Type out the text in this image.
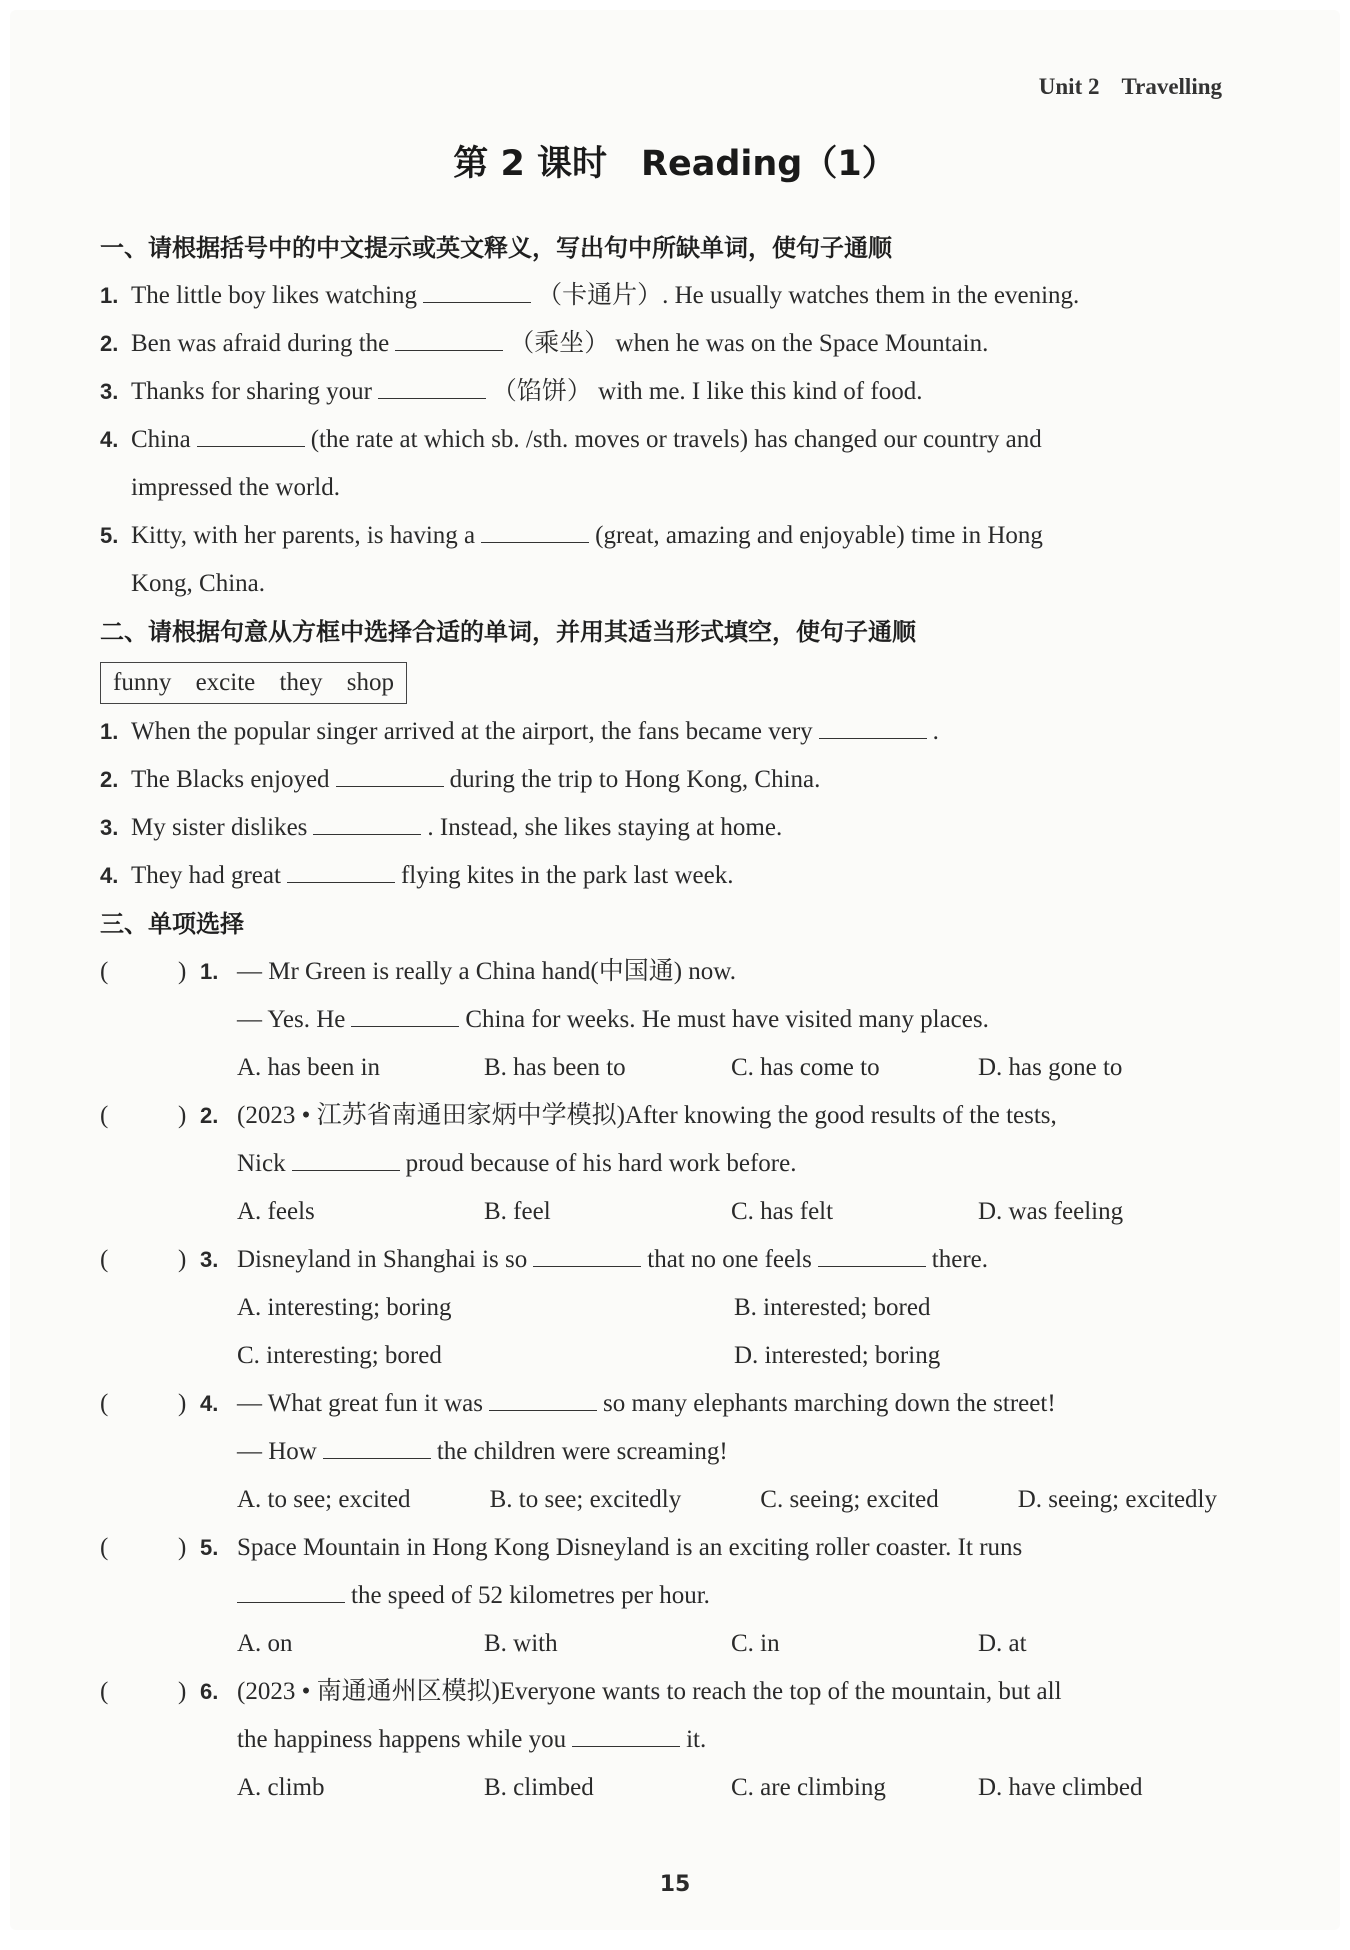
Unit 2 Travelling
第 2 课时 Reading（1）
一、请根据括号中的中文提示或英文释义，写出句中所缺单词，使句子通顺
1. The little boy likes watching	（卡通片）. He usually watches them in the evening.
2. Ben was afraid during the	（乘坐） when he was on the Space Mountain.
3. Thanks for sharing your	（馅饼） with me. I like this kind of food.
4. China	(the rate at which sb. /sth. moves or travels) has changed our country and
impressed the world.
5. Kitty, with her parents, is having a	(great, amazing and enjoyable) time in Hong
Kong, China.
二、请根据句意从方框中选择合适的单词，并用其适当形式填空，使句子通顺
funny excite they shop
1. When the popular singer arrived at the airport, the fans became very	.
2. The Blacks enjoyed	during the trip to Hong Kong, China.
3. My sister dislikes	. Instead, she likes staying at home.
4. They had great	flying kites in the park last week.
三、单项选择
(	) 1. — Mr Green is really a China hand(中国通) now.
— Yes. He	China for weeks. He must have visited many places.
A. has been in	B. has been to	C. has come to	D. has gone to
(	) 2. (2023 • 江苏省南通田家炳中学模拟)After knowing the good results of the tests,
Nick	proud because of his hard work before.
A. feels	B. feel	C. has felt	D. was feeling
(	) 3. Disneyland in Shanghai is so	that no one feels	there.
A. interesting; boring	B. interested; bored
C. interesting; bored	D. interested; boring
(	) 4. — What great fun it was	so many elephants marching down the street!
— How	the children were screaming!
A. to see; excited	B. to see; excitedly	C. seeing; excited	D. seeing; excitedly
(	) 5. Space Mountain in Hong Kong Disneyland is an exciting roller coaster. It runs
the speed of 52 kilometres per hour.
A. on	B. with	C. in	D. at
(	) 6. (2023 • 南通通州区模拟)Everyone wants to reach the top of the mountain, but all
the happiness happens while you	it.
A. climb	B. climbed	C. are climbing	D. have climbed
15
